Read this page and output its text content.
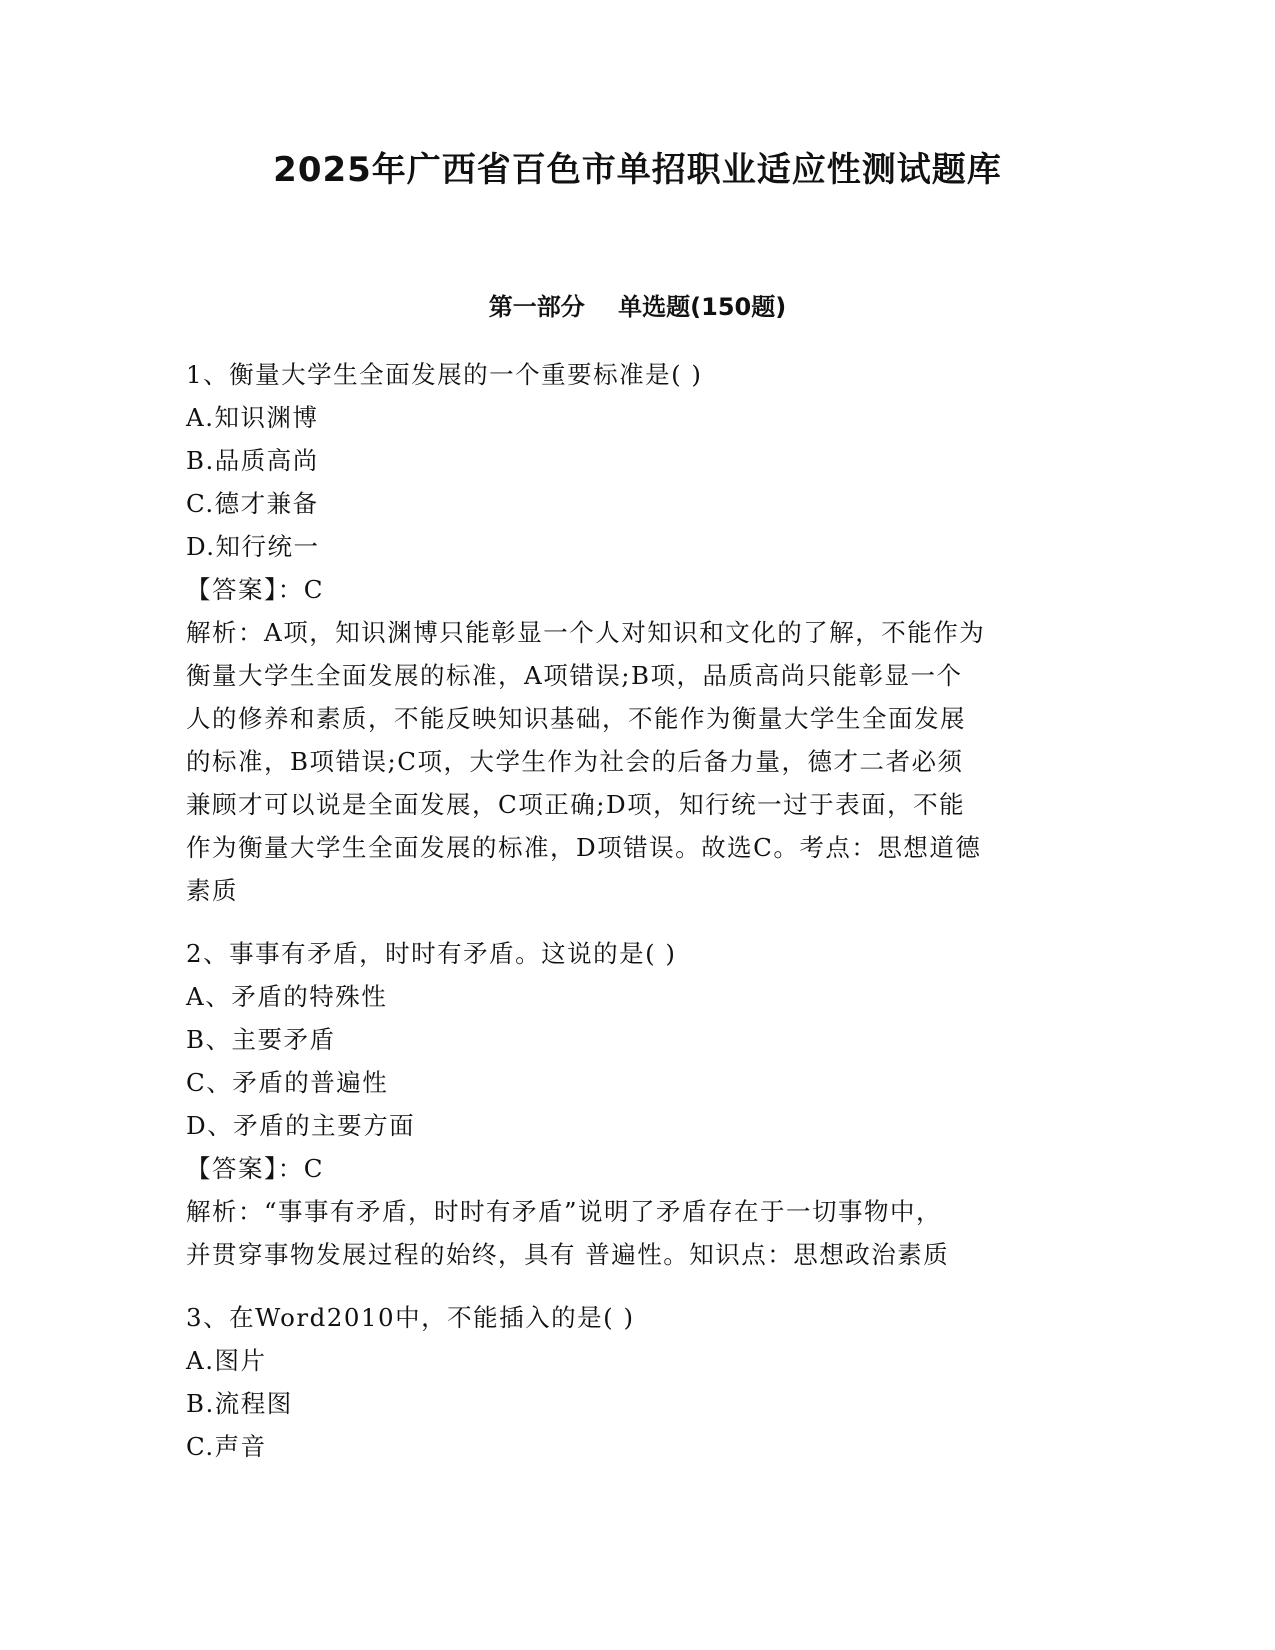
2025年广西省百色市单招职业适应性测试题库
第一部分    单选题(150题)
1、衡量大学生全面发展的一个重要标准是( )
A.知识渊博
B.品质高尚
C.德才兼备
D.知行统一
【答案】：C
解析：A项，知识渊博只能彰显一个人对知识和文化的了解，不能作为
衡量大学生全面发展的标准，A项错误;B项，品质高尚只能彰显一个
人的修养和素质，不能反映知识基础，不能作为衡量大学生全面发展
的标准，B项错误;C项，大学生作为社会的后备力量，德才二者必须
兼顾才可以说是全面发展，C项正确;D项，知行统一过于表面，不能
作为衡量大学生全面发展的标准，D项错误。故选C。考点：思想道德
素质
2、事事有矛盾，时时有矛盾。这说的是( )
A、矛盾的特殊性
B、主要矛盾
C、矛盾的普遍性
D、矛盾的主要方面
【答案】：C
解析：“事事有矛盾，时时有矛盾”说明了矛盾存在于一切事物中，
并贯穿事物发展过程的始终，具有 普遍性。知识点：思想政治素质
3、在Word2010中，不能插入的是( )
A.图片
B.流程图
C.声音
